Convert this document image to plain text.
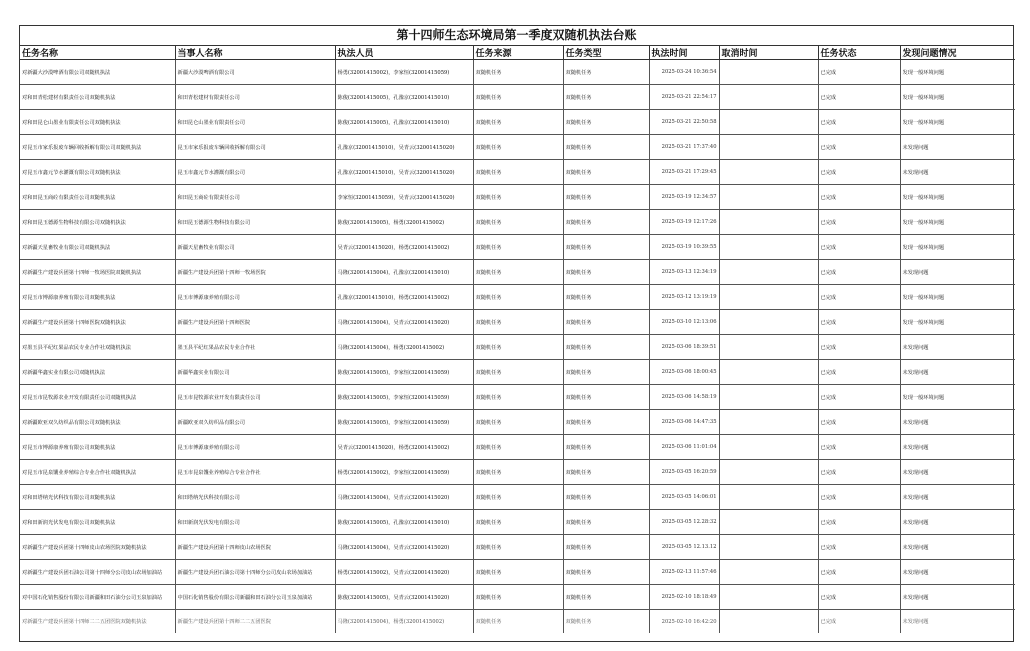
第十四师生态环境局第一季度双随机执法台账
任务名称	当事人名称	执法人员	任务来源	任务类型	执法时间	取消时间	任务状态	发现问题情况
对新疆大沙漠啤酒有限公司双随机执法	新疆大沙漠啤酒有限公司	杨勇(32001415002)，李家恒(32001415059)	双随机任务	双随机任务	2025-03-24 10:36:54		已完成	发现一般环境问题
对和田青松建材有限责任公司双随机执法	和田青松建材有限责任公司	陈俊(32001415005)，孔豫京(32001415010)	双随机任务	双随机任务	2025-03-21 22:54:17		已完成	发现一般环境问题
对和田昆仑山墨业有限责任公司双随机执法	和田昆仑山墨业有限责任公司	陈俊(32001415005)，孔豫京(32001415010)	双随机任务	双随机任务	2025-03-21 22:50:58		已完成	发现一般环境问题
对昆玉市家乐报废车辆回收拆解有限公司双随机执法	昆玉市家乐报废车辆回收拆解有限公司	孔豫京(32001415010)，吴青云(32001415020)	双随机任务	双随机任务	2025-03-21 17:37:40		已完成	未发现问题
对昆玉市鑫元节水灌溉有限公司双随机执法	昆玉市鑫元节水灌溉有限公司	孔豫京(32001415010)，吴青云(32001415020)	双随机任务	双随机任务	2025-03-21 17:29:45		已完成	未发现问题
对和田昆玉商砼有限责任公司双随机执法	和田昆玉商砼有限责任公司	李家恒(32001415059)，吴青云(32001415020)	双随机任务	双随机任务	2025-03-19 12:34:57		已完成	发现一般环境问题
对和田昆玉德源生物科技有限公司双随机执法	和田昆玉德源生物科技有限公司	陈俊(32001415005)，杨勇(32001415002)	双随机任务	双随机任务	2025-03-19 12:17:26		已完成	发现一般环境问题
对新疆天星畜牧业有限公司双随机执法	新疆天星畜牧业有限公司	吴青云(32001415020)，杨勇(32001415002)	双随机任务	双随机任务	2025-03-19 10:39:55		已完成	发现一般环境问题
对新疆生产建设兵团第十四师一牧场医院双随机执法	新疆生产建设兵团第十四师一牧场医院	马隆(32001415004)，孔豫京(32001415010)	双随机任务	双随机任务	2025-03-13 12:34:19		已完成	未发现问题
对昆玉市博源康养殖有限公司双随机执法	昆玉市博源康养殖有限公司	孔豫京(32001415010)，杨勇(32001415002)	双随机任务	双随机任务	2025-03-12 13:19:19		已完成	发现一般环境问题
对新疆生产建设兵团第十四师医院双随机执法	新疆生产建设兵团第十四师医院	马隆(32001415004)，吴青云(32001415020)	双随机任务	双随机任务	2025-03-10 12:13:06		已完成	发现一般环境问题
对墨玉县平纪红果品农民专业合作社双随机执法	墨玉县平纪红果品农民专业合作社	马隆(32001415004)，杨勇(32001415002)	双随机任务	双随机任务	2025-03-06 18:39:51		已完成	未发现问题
对新疆华鑫实业有限公司双随机执法	新疆华鑫实业有限公司	陈俊(32001415005)，李家恒(32001415059)	双随机任务	双随机任务	2025-03-06 18:00:45		已完成	未发现问题
对昆玉市昆牧源农业开发有限责任公司双随机执法	昆玉市昆牧源农业开发有限责任公司	陈俊(32001415005)，李家恒(32001415059)	双随机任务	双随机任务	2025-03-06 14:58:19		已完成	发现一般环境问题
对新疆欧亚双久纺织品有限公司双随机执法	新疆欧亚双久纺织品有限公司	陈俊(32001415005)，李家恒(32001415059)	双随机任务	双随机任务	2025-03-06 14:47:35		已完成	未发现问题
对昆玉市博源康养殖有限公司双随机执法	昆玉市博源康养殖有限公司	吴青云(32001415020)，杨勇(32001415002)	双随机任务	双随机任务	2025-03-06 11:01:04		已完成	未发现问题
对昆玉市昆泉馕业养殖综合专业合作社双随机执法	昆玉市昆泉馕业养殖综合专业合作社	杨勇(32001415002)，李家恒(32001415059)	双随机任务	双随机任务	2025-03-05 16:20:59		已完成	未发现问题
对和田塔纳光伏科技有限公司双随机执法	和田塔纳光伏科技有限公司	马隆(32001415004)，吴青云(32001415020)	双随机任务	双随机任务	2025-03-05 14:06:01		已完成	未发现问题
对和田新润光伏发电有限公司双随机执法	和田新润光伏发电有限公司	陈俊(32001415005)，孔豫京(32001415010)	双随机任务	双随机任务	2025-03-05 12.28:32		已完成	未发现问题
对新疆生产建设兵团第十四师皮山农场医院双随机执法	新疆生产建设兵团第十四师皮山农场医院	马隆(32001415004)，吴青云(32001415020)	双随机任务	双随机任务	2025-03-05 12.13.12		已完成	未发现问题
对新疆生产建设兵团石油公司第十四师分公司皮山农场加油站	新疆生产建设兵团石油公司第十四师分公司皮山农场加油站	杨勇(32001415002)，吴青云(32001415020)	双随机任务	双随机任务	2025-02-13 11:57:46		已完成	未发现问题
对中国石化销售股份有限公司新疆和田石油分公司玉泉加油站	中国石化销售股份有限公司新疆和田石油分公司玉泉加油站	陈俊(32001415005)，吴青云(32001415020)	双随机任务	双随机任务	2025-02-10 18:18:49		已完成	未发现问题
对新疆生产建设兵团第十四师二二五团医院双随机执法	新疆生产建设兵团第十四师二二五团医院	马隆(32001415004)，杨勇(32001415002)	双随机任务	双随机任务	2025-02-10 16:42:20		已完成	未发现问题
